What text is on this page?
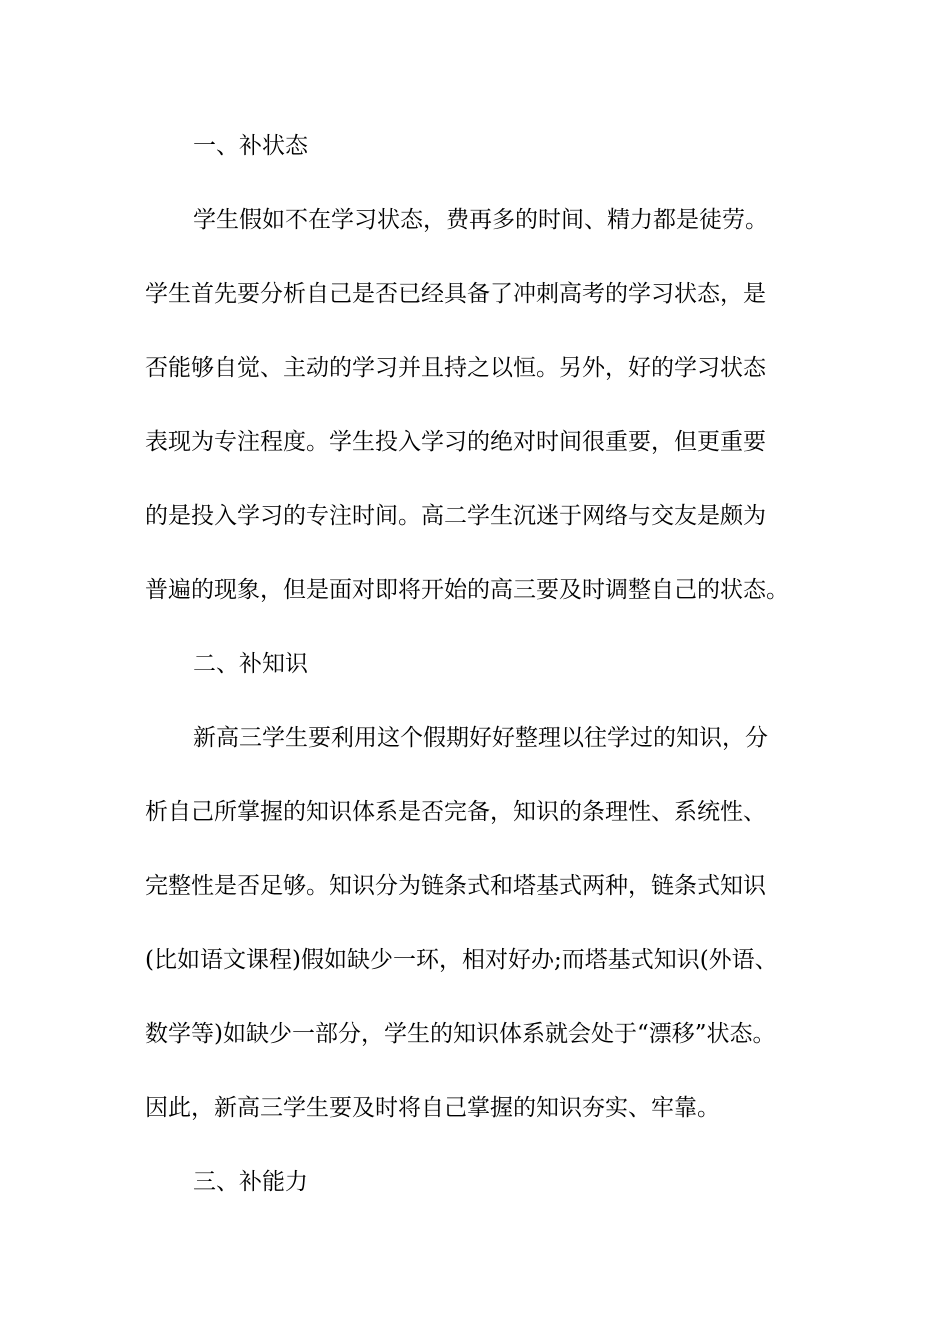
一、补状态
学生假如不在学习状态，费再多的时间、精力都是徒劳。
学生首先要分析自己是否已经具备了冲刺高考的学习状态，是
否能够自觉、主动的学习并且持之以恒。另外，好的学习状态
表现为专注程度。学生投入学习的绝对时间很重要，但更重要
的是投入学习的专注时间。高二学生沉迷于网络与交友是颇为
普遍的现象，但是面对即将开始的高三要及时调整自己的状态。
二、补知识
新高三学生要利用这个假期好好整理以往学过的知识，分
析自己所掌握的知识体系是否完备，知识的条理性、系统性、
完整性是否足够。知识分为链条式和塔基式两种，链条式知识
(比如语文课程)假如缺少一环，相对好办;而塔基式知识(外语、
数学等)如缺少一部分，学生的知识体系就会处于“漂移”状态。
因此，新高三学生要及时将自己掌握的知识夯实、牢靠。
三、补能力
